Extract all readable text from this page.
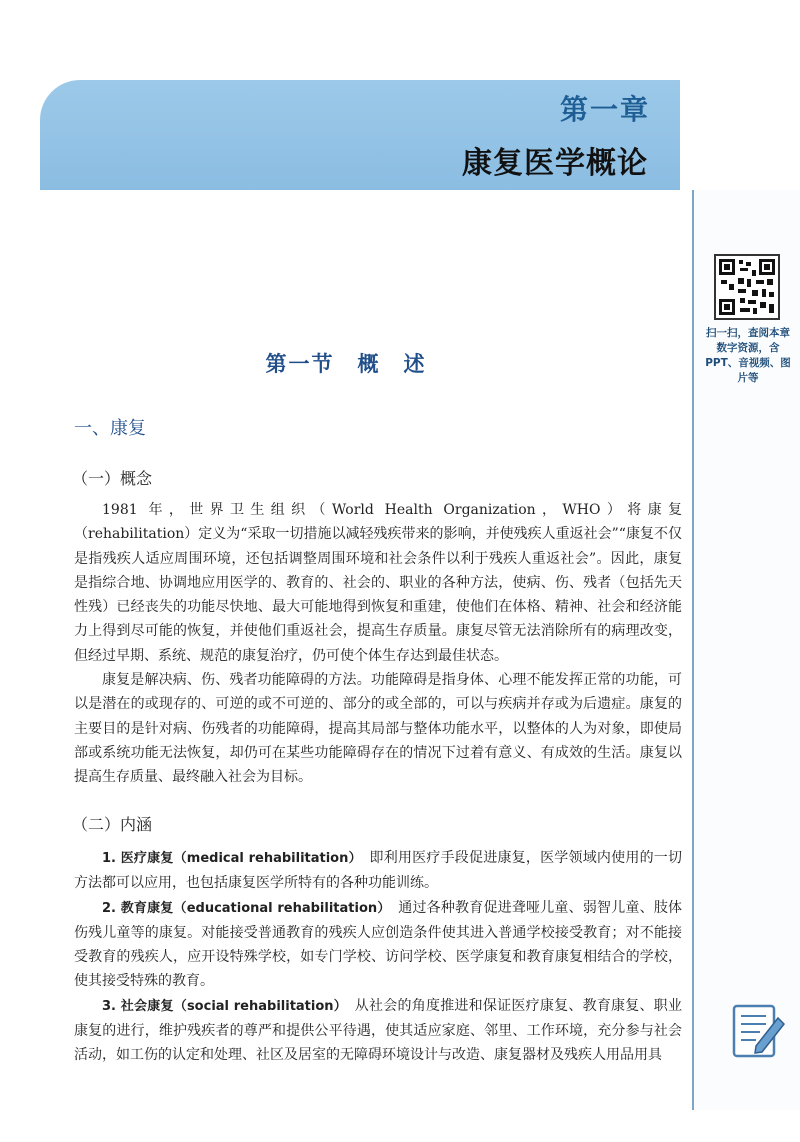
第一章
康复医学概论
扫一扫，查阅本章数字资源，含PPT、音视频、图片等
第一节　概　述
一、康复
（一）概念

1981 年，世界卫生组织（World Health Organization，WHO）将康复（rehabilitation）定义为“采取一切措施以减轻残疾带来的影响，并使残疾人重返社会”“康复不仅是指残疾人适应周围环境，还包括调整周围环境和社会条件以利于残疾人重返社会”。因此，康复是指综合地、协调地应用医学的、教育的、社会的、职业的各种方法，使病、伤、残者（包括先天性残）已经丧失的功能尽快地、最大可能地得到恢复和重建，使他们在体格、精神、社会和经济能力上得到尽可能的恢复，并使他们重返社会，提高生存质量。康复尽管无法消除所有的病理改变，但经过早期、系统、规范的康复治疗，仍可使个体生存达到最佳状态。

康复是解决病、伤、残者功能障碍的方法。功能障碍是指身体、心理不能发挥正常的功能，可以是潜在的或现存的、可逆的或不可逆的、部分的或全部的，可以与疾病并存或为后遗症。康复的主要目的是针对病、伤残者的功能障碍，提高其局部与整体功能水平，以整体的人为对象，即使局部或系统功能无法恢复，却仍可在某些功能障碍存在的情况下过着有意义、有成效的生活。康复以提高生存质量、最终融入社会为目标。

（二）内涵

1. 医疗康复（medical rehabilitation）　 即利用医疗手段促进康复，医学领域内使用的一切方法都可以应用，也包括康复医学所特有的各种功能训练。

2. 教育康复（educational rehabilitation）　 通过各种教育促进聋哑儿童、弱智儿童、肢体伤残儿童等的康复。对能接受普通教育的残疾人应创造条件使其进入普通学校接受教育；对不能接受教育的残疾人，应开设特殊学校，如专门学校、访问学校、医学康复和教育康复相结合的学校，使其接受特殊的教育。

3. 社会康复（social rehabilitation）　 从社会的角度推进和保证医疗康复、教育康复、职业康复的进行，维护残疾者的尊严和提供公平待遇，使其适应家庭、邻里、工作环境，充分参与社会活动，如工伤的认定和处理、社区及居室的无障碍环境设计与改造、康复器材及残疾人用品用具
